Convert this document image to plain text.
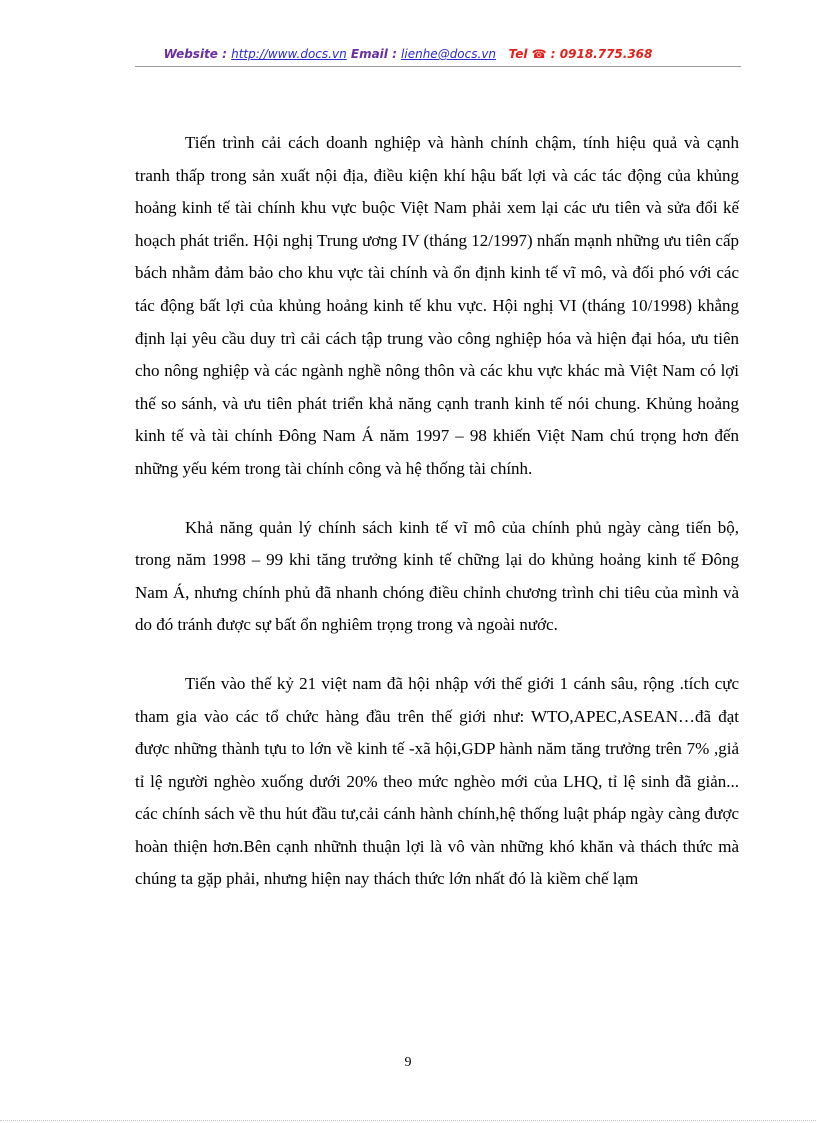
Website : http://www.docs.vn Email : lienhe@docs.vn Tel ☎ : 0918.775.368

Tiến trình cải cách doanh nghiệp và hành chính chậm, tính hiệu quả và cạnh tranh thấp trong sản xuất nội địa, điều kiện khí hậu bất lợi và các tác động của khủng hoảng kinh tế tài chính khu vực buộc Việt Nam phải xem lại các ưu tiên và sửa đổi kế hoạch phát triển. Hội nghị Trung ương IV (tháng 12/1997) nhấn mạnh những ưu tiên cấp bách nhằm đảm bảo cho khu vực tài chính và ổn định kinh tế vĩ mô, và đối phó với các tác động bất lợi của khủng hoảng kinh tế khu vực. Hội nghị VI (tháng 10/1998) khẳng định lại yêu cầu duy trì cải cách tập trung vào công nghiệp hóa và hiện đại hóa, ưu tiên cho nông nghiệp và các ngành nghề nông thôn và các khu vực khác mà Việt Nam có lợi thế so sánh, và ưu tiên phát triển khả năng cạnh tranh kinh tế nói chung. Khủng hoảng kinh tế và tài chính Đông Nam Á năm 1997 – 98 khiến Việt Nam chú trọng hơn đến những yếu kém trong tài chính công và hệ thống tài chính.

Khả năng quản lý chính sách kinh tế vĩ mô của chính phủ ngày càng tiến bộ, trong năm 1998 – 99 khi tăng trưởng kinh tế chững lại do khủng hoảng kinh tế Đông Nam Á, nhưng chính phủ đã nhanh chóng điều chỉnh chương trình chi tiêu của mình và do đó tránh được sự bất ổn nghiêm trọng trong và ngoài nước.

Tiến vào thế kỷ 21 việt nam đã hội nhập với thế giới 1 cánh sâu, rộng .tích cực tham gia vào các tổ chức hàng đầu trên thế giới như: WTO,APEC,ASEAN…đã đạt được những thành tựu to lớn về kinh tế -xã hội,GDP hành năm tăng trưởng trên 7% ,giả tỉ lệ người nghèo xuống dưới 20% theo mức nghèo mới của LHQ, tỉ lệ sinh đã giản... các chính sách về thu hút đầu tư,cải cánh hành chính,hệ thống luật pháp ngày càng được hoàn thiện hơn.Bên cạnh nhữnh thuận lợi là vô vàn những khó khăn và thách thức mà chúng ta gặp phải, nhưng hiện nay thách thức lớn nhất đó là kiềm chế lạm

9
